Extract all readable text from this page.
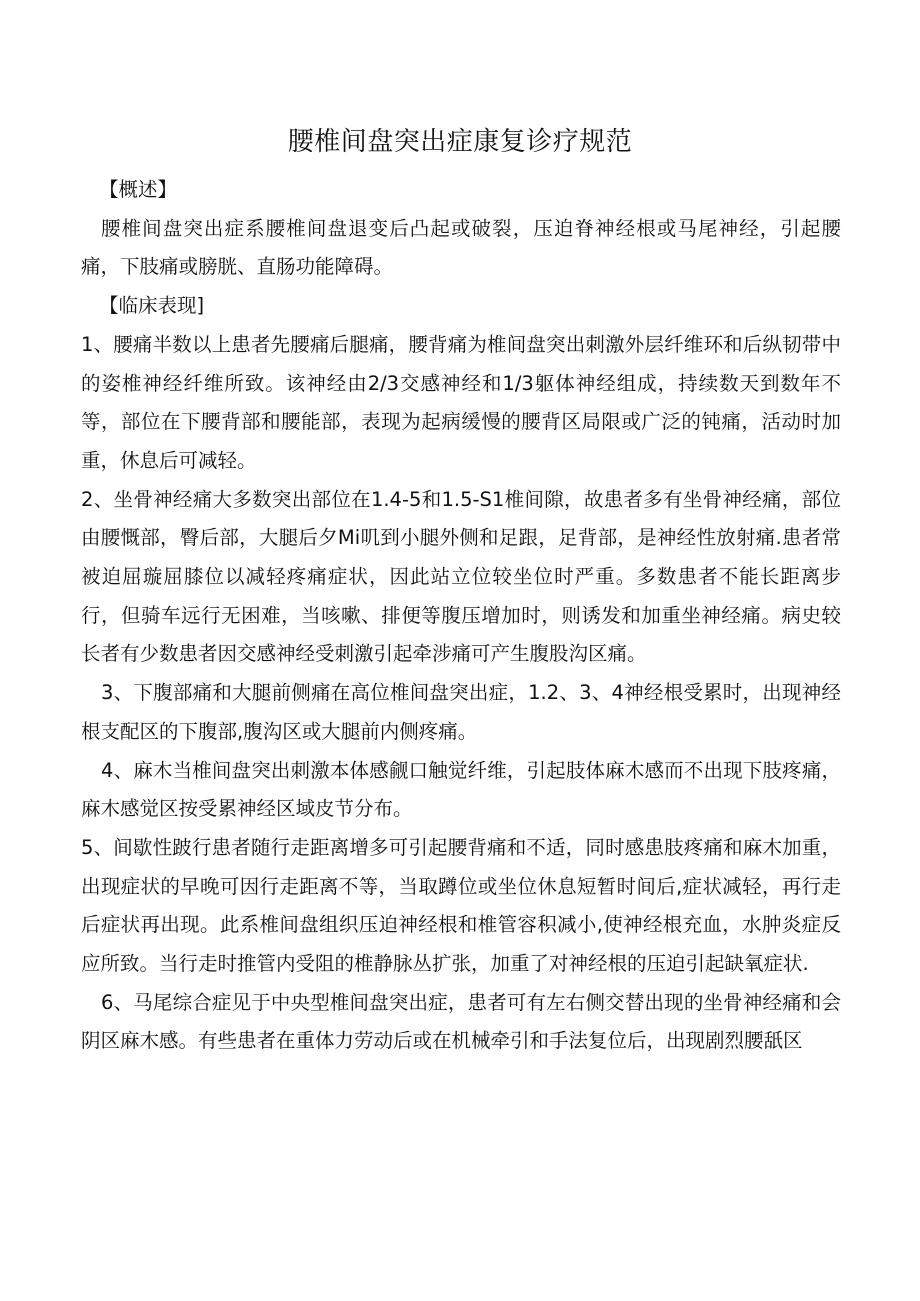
腰椎间盘突出症康复诊疗规范

【概述】

腰椎间盘突出症系腰椎间盘退变后凸起或破裂，压迫脊神经根或马尾神经，引起腰痛，下肢痛或膀胱、直肠功能障碍。

【临床表现]

1、腰痛半数以上患者先腰痛后腿痛，腰背痛为椎间盘突出刺激外层纤维环和后纵韧带中的姿椎神经纤维所致。该神经由2/3交感神经和1/3躯体神经组成，持续数天到数年不等，部位在下腰背部和腰能部，表现为起病缓慢的腰背区局限或广泛的钝痛，活动时加重，休息后可减轻。

2、坐骨神经痛大多数突出部位在1.4-5和1.5-S1椎间隙，故患者多有坐骨神经痛，部位由腰慨部，臀后部，大腿后夕Mi叽到小腿外侧和足跟，足背部，是神经性放射痛.患者常被迫屈璇屈膝位以减轻疼痛症状，因此站立位较坐位时严重。多数患者不能长距离步行，但骑车远行无困难，当咳嗽、排便等腹压增加时，则诱发和加重坐神经痛。病史较长者有少数患者因交感神经受刺激引起牵涉痛可产生腹股沟区痛。

3、下腹部痛和大腿前侧痛在高位椎间盘突出症，1.2、3、4神经根受累时，出现神经根支配区的下腹部,腹沟区或大腿前内侧疼痛。

4、麻木当椎间盘突出刺激本体感觎口触觉纤维，引起肢体麻木感而不出现下肢疼痛，麻木感觉区按受累神经区域皮节分布。

5、间歇性跛行患者随行走距离增多可引起腰背痛和不适，同时感患肢疼痛和麻木加重，出现症状的早晚可因行走距离不等，当取蹲位或坐位休息短暂时间后,症状减轻，再行走后症状再出现。此系椎间盘组织压迫神经根和椎管容积减小,使神经根充血，水肿炎症反应所致。当行走时推管内受阻的椎静脉丛扩张，加重了对神经根的压迫引起缺氧症状.

6、马尾综合症见于中央型椎间盘突出症，患者可有左右侧交替出现的坐骨神经痛和会阴区麻木感。有些患者在重体力劳动后或在机械牵引和手法复位后，出现剧烈腰舐区
